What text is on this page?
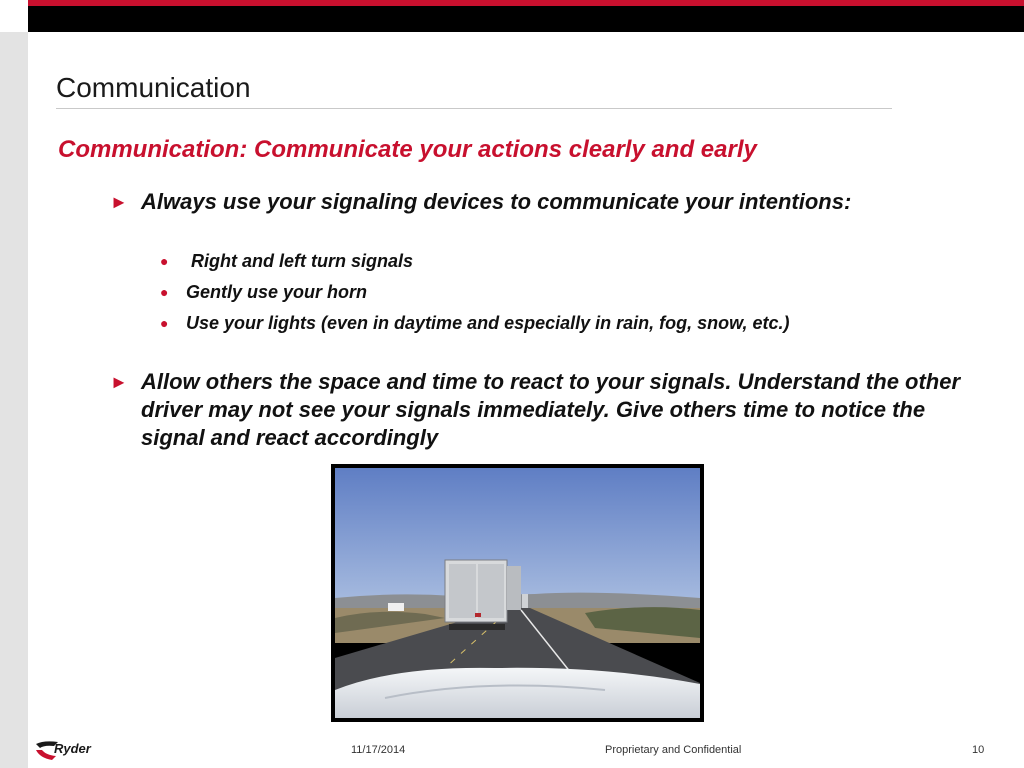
Communication
Communication: Communicate your actions clearly and early
► Always use your signaling devices to communicate your intentions:
● Right and left turn signals
● Gently use your horn
● Use your lights (even in daytime and especially in rain, fog, snow, etc.)
► Allow others the space and time to react to your signals. Understand the other driver may not see your signals immediately. Give others time to notice the signal and react accordingly
Ryder	11/17/2014	Proprietary and Confidential	10
